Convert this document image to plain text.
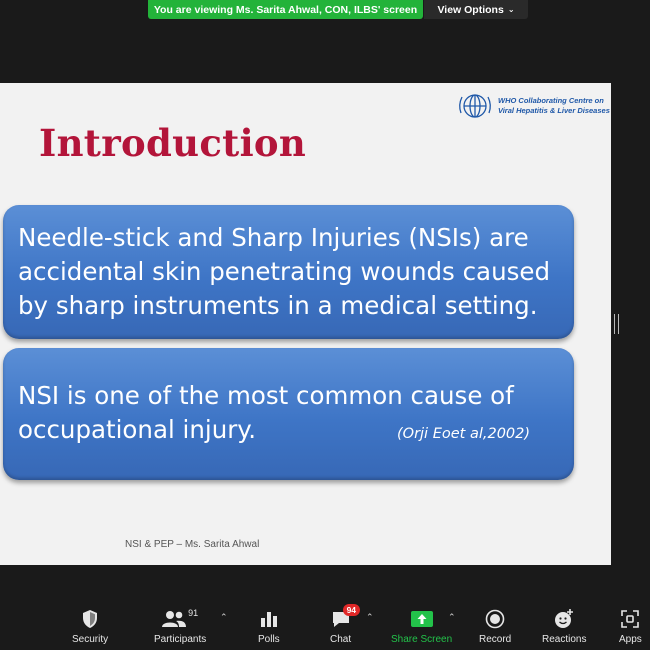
You are viewing Ms. Sarita Ahwal, CON, ILBS' screen View Options ⌄
WHO Collaborating Centre on
Viral Hepatitis & Liver Diseases
Introduction
Needle-stick and Sharp Injuries (NSIs) are
accidental skin penetrating wounds caused
by sharp instruments in a medical setting.
NSI is one of the most common cause of
occupational injury.	(Orji Eoet al,2002)
NSI & PEP – Ms. Sarita Ahwal
Security
91
Participants
⌃
Polls
94
Chat
⌃
Share Screen
⌃
Record	Reactions	Apps
